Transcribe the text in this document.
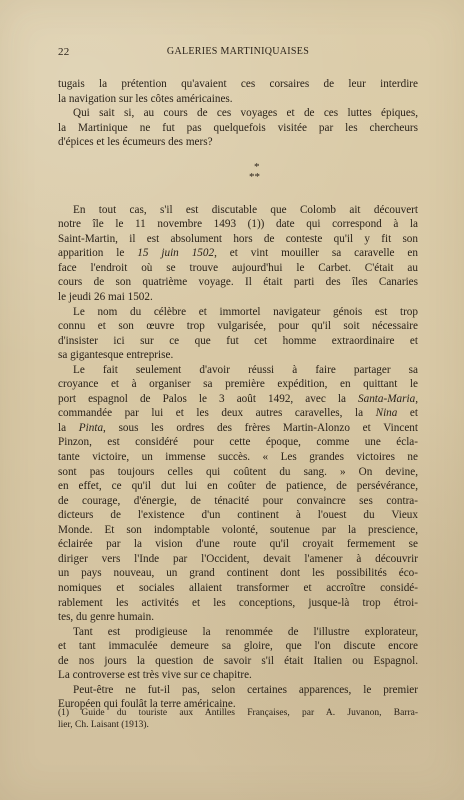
22	GALERIES MARTINIQUAISES
tugais la prétention qu'avaient ces corsaires de leur interdire
la navigation sur les côtes américaines.
Qui sait si, au cours de ces voyages et de ces luttes épiques,
la Martinique ne fut pas quelquefois visitée par les chercheurs
d'épices et les écumeurs des mers?
*
**
En tout cas, s'il est discutable que Colomb ait découvert
notre île le 11 novembre 1493 (1)) date qui correspond à la
Saint-Martin, il est absolument hors de conteste qu'il y fit son
apparition le 15 juin 1502, et vint mouiller sa caravelle en
face l'endroit où se trouve aujourd'hui le Carbet. C'était au
cours de son quatrième voyage. Il était parti des îles Canaries
le jeudi 26 mai 1502.
Le nom du célèbre et immortel navigateur génois est trop
connu et son œuvre trop vulgarisée, pour qu'il soit nécessaire
d'insister ici sur ce que fut cet homme extraordinaire et
sa gigantesque entreprise.
Le fait seulement d'avoir réussi à faire partager sa
croyance et à organiser sa première expédition, en quittant le
port espagnol de Palos le 3 août 1492, avec la Santa-Maria,
commandée par lui et les deux autres caravelles, la Nina et
la Pinta, sous les ordres des frères Martin-Alonzo et Vincent
Pinzon, est considéré pour cette époque, comme une écla-
tante victoire, un immense succès. « Les grandes victoires ne
sont pas toujours celles qui coûtent du sang. » On devine,
en effet, ce qu'il dut lui en coûter de patience, de persévérance,
de courage, d'énergie, de ténacité pour convaincre ses contra-
dicteurs de l'existence d'un continent à l'ouest du Vieux
Monde. Et son indomptable volonté, soutenue par la prescience,
éclairée par la vision d'une route qu'il croyait fermement se
diriger vers l'Inde par l'Occident, devait l'amener à découvrir
un pays nouveau, un grand continent dont les possibilités éco-
nomiques et sociales allaient transformer et accroître considé-
rablement les activités et les conceptions, jusque-là trop étroi-
tes, du genre humain.
Tant est prodigieuse la renommée de l'illustre explorateur,
et tant immaculée demeure sa gloire, que l'on discute encore
de nos jours la question de savoir s'il était Italien ou Espagnol.
La controverse est très vive sur ce chapitre.
Peut-être ne fut-il pas, selon certaines apparences, le premier
Européen qui foulât la terre américaine.
(1) Guide du touriste aux Antilles Françaises, par A. Juvanon, Barra-
lier, Ch. Laisant (1913).
